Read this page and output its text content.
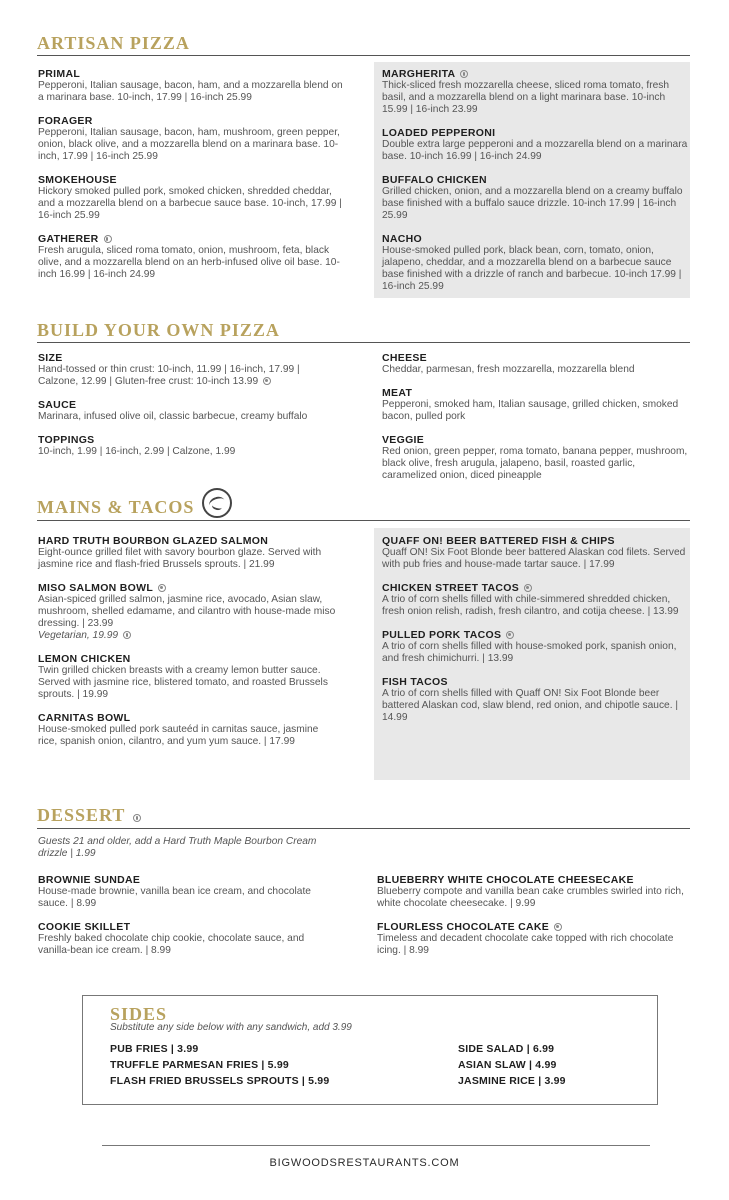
ARTISAN PIZZA
PRIMAL
Pepperoni, Italian sausage, bacon, ham, and a mozzarella blend on a marinara base. 10-inch, 17.99 | 16-inch 25.99
FORAGER
Pepperoni, Italian sausage, bacon, ham, mushroom, green pepper, onion, black olive, and a mozzarella blend on a marinara base. 10-inch, 17.99 | 16-inch 25.99
SMOKEHOUSE
Hickory smoked pulled pork, smoked chicken, shredded cheddar, and a mozzarella blend on a barbecue sauce base. 10-inch, 17.99 | 16-inch 25.99
GATHERER
Fresh arugula, sliced roma tomato, onion, mushroom, feta, black olive, and a mozzarella blend on an herb-infused olive oil base. 10-inch 16.99 | 16-inch 24.99
MARGHERITA
Thick-sliced fresh mozzarella cheese, sliced roma tomato, fresh basil, and a mozzarella blend on a light marinara base. 10-inch 15.99 | 16-inch 23.99
LOADED PEPPERONI
Double extra large pepperoni and a mozzarella blend on a marinara base. 10-inch 16.99 | 16-inch 24.99
BUFFALO CHICKEN
Grilled chicken, onion, and a mozzarella blend on a creamy buffalo base finished with a buffalo sauce drizzle. 10-inch 17.99 | 16-inch 25.99
NACHO
House-smoked pulled pork, black bean, corn, tomato, onion, jalapeno, cheddar, and a mozzarella blend on a barbecue sauce base finished with a drizzle of ranch and barbecue. 10-inch 17.99 | 16-inch 25.99
BUILD YOUR OWN PIZZA
SIZE
Hand-tossed or thin crust: 10-inch, 11.99 | 16-inch, 17.99 | Calzone, 12.99 | Gluten-free crust: 10-inch 13.99
SAUCE
Marinara, infused olive oil, classic barbecue, creamy buffalo
TOPPINGS
10-inch, 1.99 | 16-inch, 2.99 | Calzone, 1.99
CHEESE
Cheddar, parmesan, fresh mozzarella, mozzarella blend
MEAT
Pepperoni, smoked ham, Italian sausage, grilled chicken, smoked bacon, pulled pork
VEGGIE
Red onion, green pepper, roma tomato, banana pepper, mushroom, black olive, fresh arugula, jalapeno, basil, roasted garlic, caramelized onion, diced pineapple
MAINS & TACOS
HARD TRUTH BOURBON GLAZED SALMON
Eight-ounce grilled filet with savory bourbon glaze. Served with jasmine rice and flash-fried Brussels sprouts. | 21.99
MISO SALMON BOWL
Asian-spiced grilled salmon, jasmine rice, avocado, Asian slaw, mushroom, shelled edamame, and cilantro with house-made miso dressing. | 23.99
Vegetarian, 19.99
LEMON CHICKEN
Twin grilled chicken breasts with a creamy lemon butter sauce. Served with jasmine rice, blistered tomato, and roasted Brussels sprouts. | 19.99
CARNITAS BOWL
House-smoked pulled pork sauteéd in carnitas sauce, jasmine rice, spanish onion, cilantro, and yum yum sauce. | 17.99
QUAFF ON! BEER BATTERED FISH & CHIPS
Quaff ON! Six Foot Blonde beer battered Alaskan cod filets. Served with pub fries and house-made tartar sauce. | 17.99
CHICKEN STREET TACOS
A trio of corn shells filled with chile-simmered shredded chicken, fresh onion relish, radish, fresh cilantro, and cotija cheese. | 13.99
PULLED PORK TACOS
A trio of corn shells filled with house-smoked pork, spanish onion, and fresh chimichurri. | 13.99
FISH TACOS
A trio of corn shells filled with Quaff ON! Six Foot Blonde beer battered Alaskan cod, slaw blend, red onion, and chipotle sauce. | 14.99
DESSERT
Guests 21 and older, add a Hard Truth Maple Bourbon Cream drizzle | 1.99
BROWNIE SUNDAE
House-made brownie, vanilla bean ice cream, and chocolate sauce. | 8.99
COOKIE SKILLET
Freshly baked chocolate chip cookie, chocolate sauce, and vanilla-bean ice cream. | 8.99
BLUEBERRY WHITE CHOCOLATE CHEESECAKE
Blueberry compote and vanilla bean cake crumbles swirled into rich, white chocolate cheesecake. | 9.99
FLOURLESS CHOCOLATE CAKE
Timeless and decadent chocolate cake topped with rich chocolate icing. | 8.99
SIDES
Substitute any side below with any sandwich, add 3.99
PUB FRIES | 3.99
TRUFFLE PARMESAN FRIES | 5.99
FLASH FRIED BRUSSELS SPROUTS | 5.99
SIDE SALAD | 6.99
ASIAN SLAW | 4.99
JASMINE RICE | 3.99
BIGWOODSRESTAURANTS.COM
